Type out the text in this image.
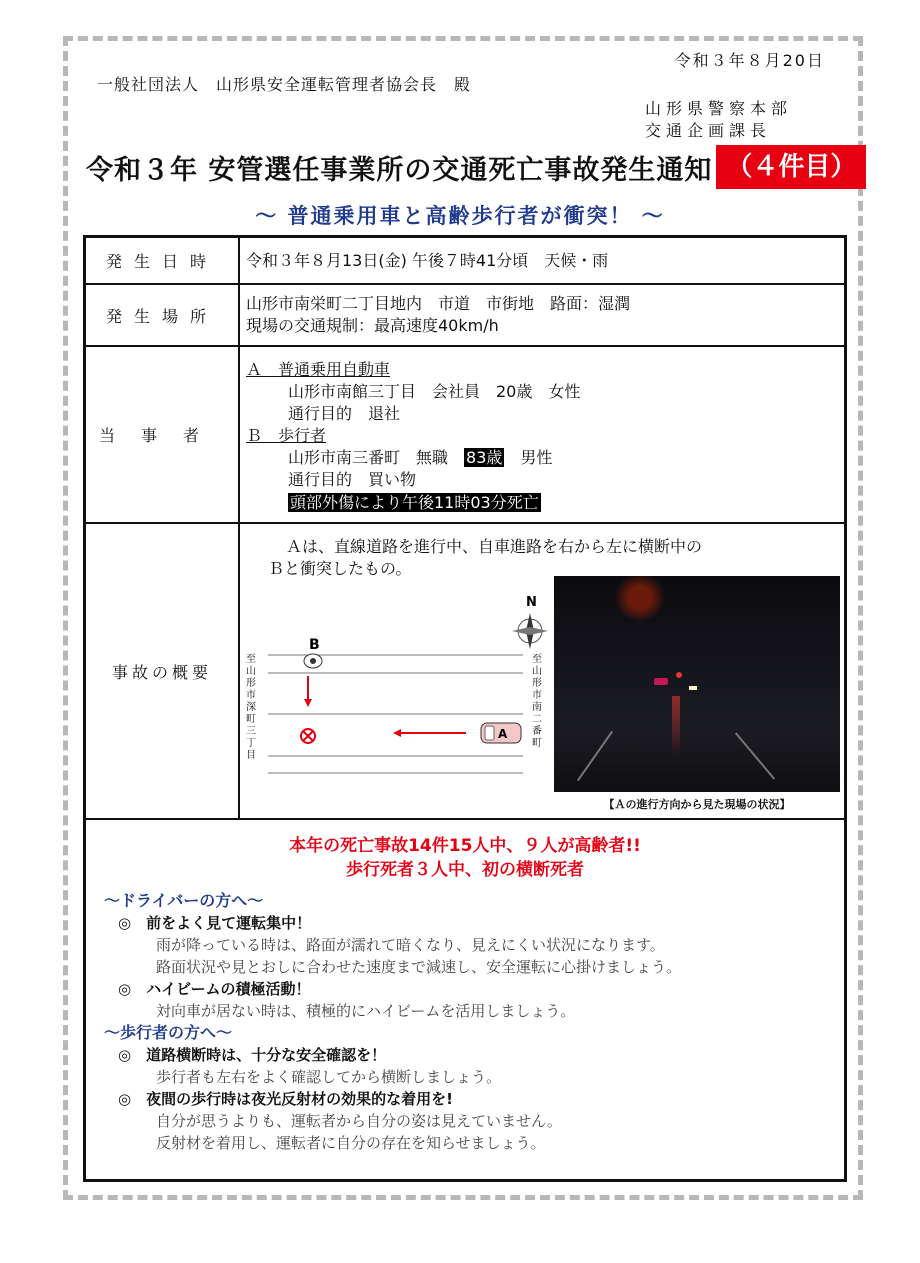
令和３年８月20日
一般社団法人　山形県安全運転管理者協会長　殿
山形県警察本部
交通企画課長
令和３年 安管選任事業所の交通死亡事故発生通知 （４件目）
～ 普通乗用車と高齢歩行者が衝突！ ～
発生日時	令和３年８月13日(金) 午後７時41分頃　天候・雨
発生場所
山形市南栄町二丁目地内　市道　市街地　路面：湿潤
現場の交通規制：最高速度40km/h
当事者
Ａ　普通乗用自動車
山形市南館三丁目　会社員　20歳　女性
通行目的　退社
Ｂ　歩行者
山形市南三番町　無職　83歳　男性
通行目的　買い物
頭部外傷により午後11時03分死亡
事故の概要
Ａは、直線道路を進行中、自車進路を右から左に横断中の
Ｂと衝突したもの。
N
B
A
至山形市深町三丁目
至山形市南二番町
【Ａの進行方向から見た現場の状況】
本年の死亡事故14件15人中、９人が高齢者!!
歩行死者３人中、初の横断死者
～ドライバーの方へ～
◎　前をよく見て運転集中！
雨が降っている時は、路面が濡れて暗くなり、見えにくい状況になります。
路面状況や見とおしに合わせた速度まで減速し、安全運転に心掛けましょう。
◎　ハイビームの積極活動！
対向車が居ない時は、積極的にハイビームを活用しましょう。
～歩行者の方へ～
◎　道路横断時は、十分な安全確認を！
歩行者も左右をよく確認してから横断しましょう。
◎　夜間の歩行時は夜光反射材の効果的な着用を!
自分が思うよりも、運転者から自分の姿は見えていません。
反射材を着用し、運転者に自分の存在を知らせましょう。
